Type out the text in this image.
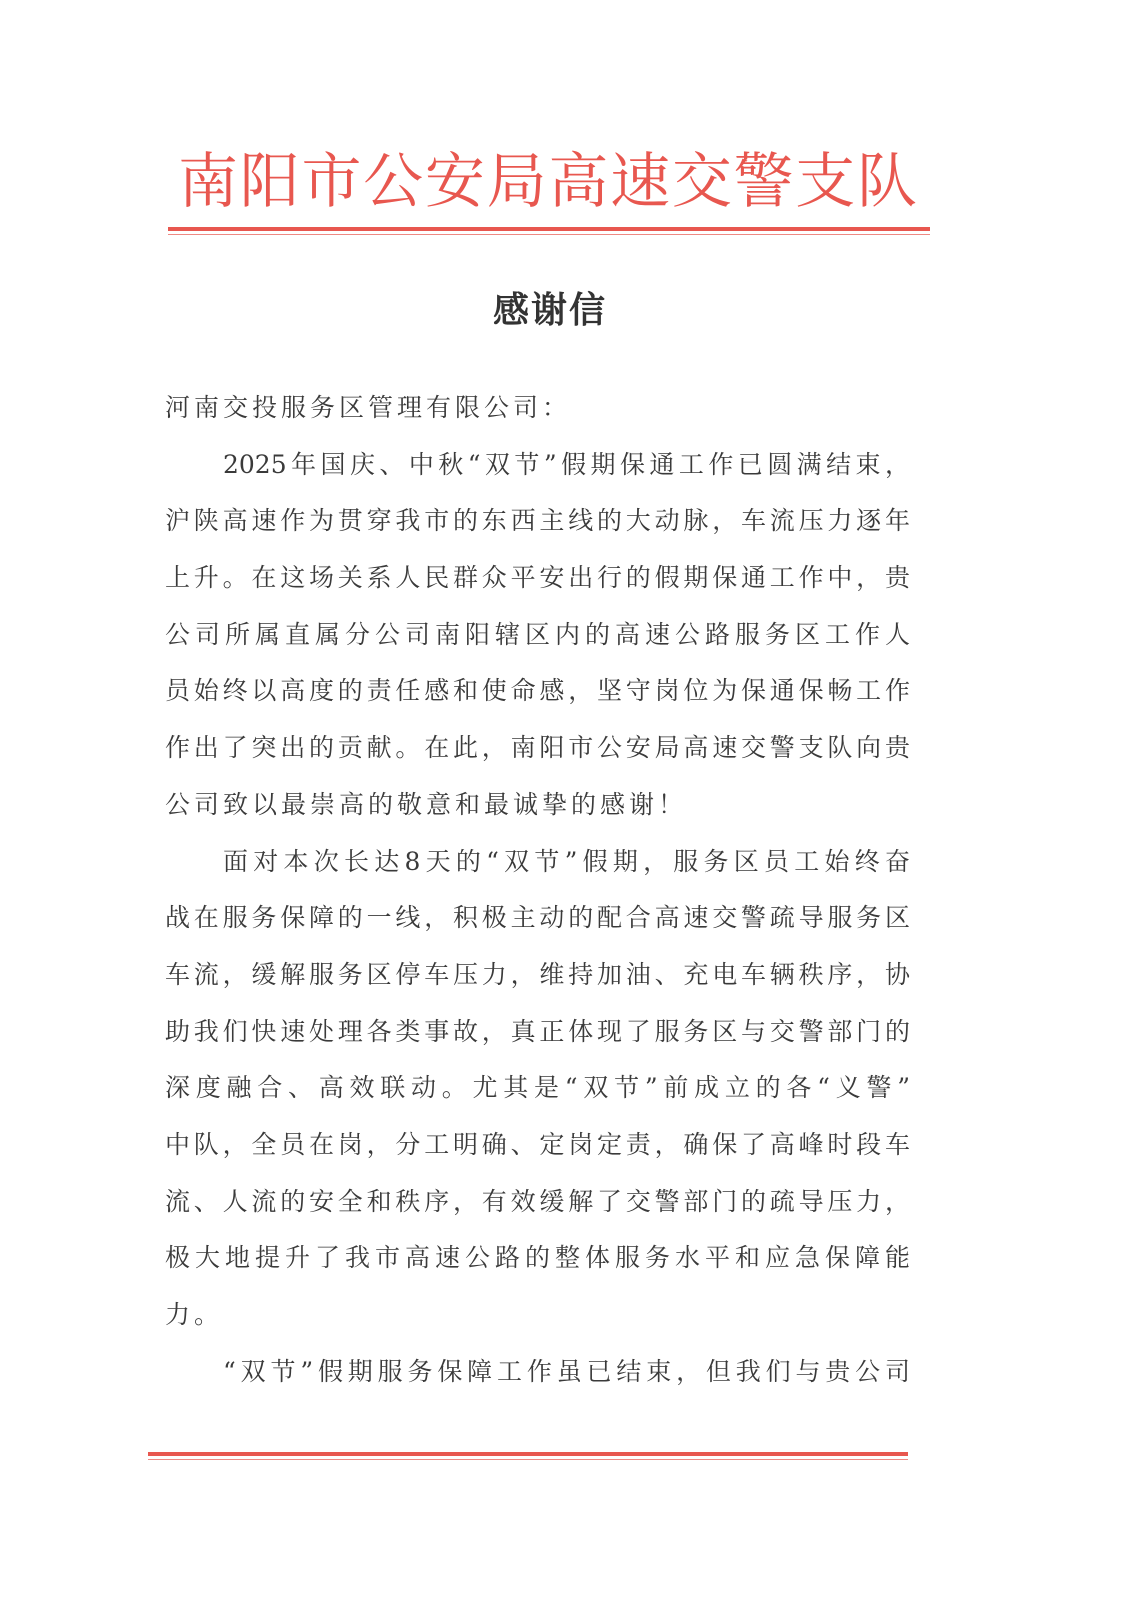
南阳市公安局高速交警支队
感谢信
河南交投服务区管理有限公司：
2025年国庆、中秋“双节”假期保通工作已圆满结束，
沪陕高速作为贯穿我市的东西主线的大动脉，车流压力逐年
上升。在这场关系人民群众平安出行的假期保通工作中，贵
公司所属直属分公司南阳辖区内的高速公路服务区工作人
员始终以高度的责任感和使命感，坚守岗位为保通保畅工作
作出了突出的贡献。在此，南阳市公安局高速交警支队向贵
公司致以最崇高的敬意和最诚挚的感谢！
面对本次长达8天的“双节”假期，服务区员工始终奋
战在服务保障的一线，积极主动的配合高速交警疏导服务区
车流，缓解服务区停车压力，维持加油、充电车辆秩序，协
助我们快速处理各类事故，真正体现了服务区与交警部门的
深度融合、高效联动。尤其是“双节”前成立的各“义警”
中队，全员在岗，分工明确、定岗定责，确保了高峰时段车
流、人流的安全和秩序，有效缓解了交警部门的疏导压力，
极大地提升了我市高速公路的整体服务水平和应急保障能
力。
“双节”假期服务保障工作虽已结束，但我们与贵公司
